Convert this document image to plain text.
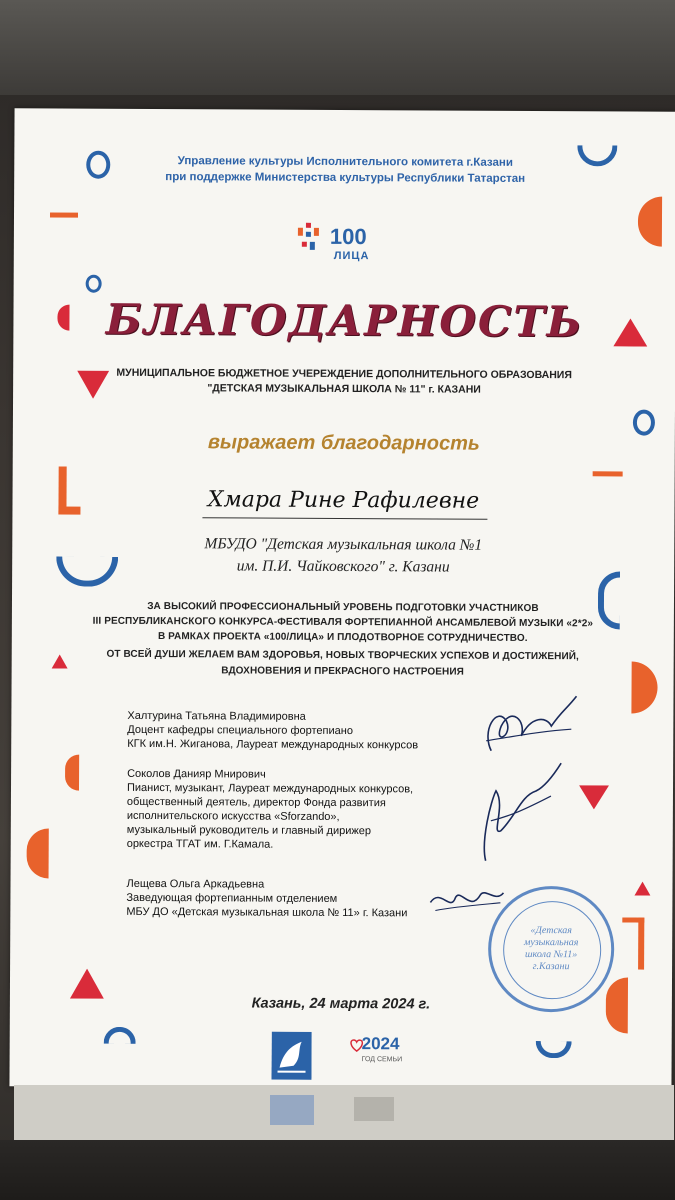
Управление культуры Исполнительного комитета г.Казани
при поддержке Министерства культуры Республики Татарстан
100
ЛИЦА
БЛАГОДАРНОСТЬ
МУНИЦИПАЛЬНОЕ БЮДЖЕТНОЕ УЧЕРЕЖДЕНИЕ ДОПОЛНИТЕЛЬНОГО ОБРАЗОВАНИЯ
"ДЕТСКАЯ МУЗЫКАЛЬНАЯ ШКОЛА № 11" г. КАЗАНИ
выражает благодарность
Хмара Рине Рафилевне
МБУДО "Детская музыкальная школа №1
им. П.И. Чайковского" г. Казани
ЗА ВЫСОКИЙ ПРОФЕССИОНАЛЬНЫЙ УРОВЕНЬ ПОДГОТОВКИ УЧАСТНИКОВ
III РЕСПУБЛИКАНСКОГО КОНКУРСА-ФЕСТИВАЛЯ ФОРТЕПИАННОЙ АНСАМБЛЕВОЙ МУЗЫКИ «2*2»
В РАМКАХ ПРОЕКТА «100/ЛИЦА» И ПЛОДОТВОРНОЕ СОТРУДНИЧЕСТВО.
ОТ ВСЕЙ ДУШИ ЖЕЛАЕМ ВАМ ЗДОРОВЬЯ, НОВЫХ ТВОРЧЕСКИХ УСПЕХОВ И ДОСТИЖЕНИЙ,
ВДОХНОВЕНИЯ И ПРЕКРАСНОГО НАСТРОЕНИЯ
Халтурина Татьяна Владимировна
Доцент кафедры специального фортепиано
КГК им.Н. Жиганова, Лауреат международных конкурсов
Соколов Данияр Мнирович
Пианист, музыкант, Лауреат международных конкурсов,
общественный деятель, директор Фонда развития
исполнительского искусства «Sforzando»,
музыкальный руководитель и главный дирижер
оркестра ТГАТ им. Г.Камала.
Лещева Ольга Аркадьевна
Заведующая фортепианным отделением
МБУ ДО «Детская музыкальная школа № 11» г. Казани
«Детская
музыкальная
школа №11»
г.Казани
Казань, 24 марта 2024 г.
2024
ГОД СЕМЬИ
